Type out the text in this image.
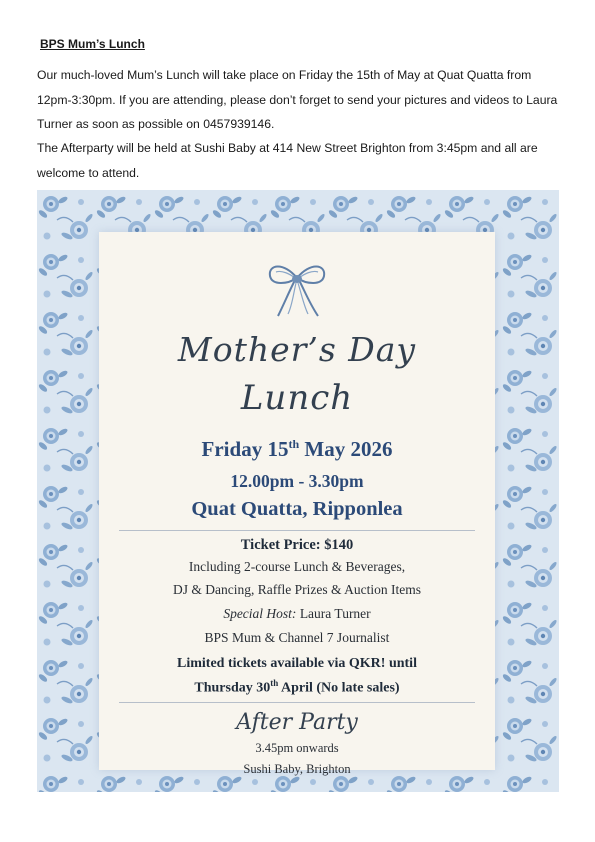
BPS Mum’s Lunch

Our much-loved Mum’s Lunch will take place on Friday the 15th of May at Quat Quatta from 12pm-3:30pm. If you are attending, please don’t forget to send your pictures and videos to Laura Turner as soon as possible on 0457939146.

The Afterparty will be held at Sushi Baby at 414 New Street Brighton from 3:45pm and all are welcome to attend.

Mother’s Day

Lunch

Friday 15th May 2026

12.00pm - 3.30pm

Quat Quatta, Ripponlea

Ticket Price: $140

Including 2-course Lunch & Beverages,

DJ & Dancing, Raffle Prizes & Auction Items

Special Host: Laura Turner

BPS Mum & Channel 7 Journalist

Limited tickets available via QKR! until

Thursday 30th April (No late sales)

After Party

3.45pm onwards

Sushi Baby, Brighton
